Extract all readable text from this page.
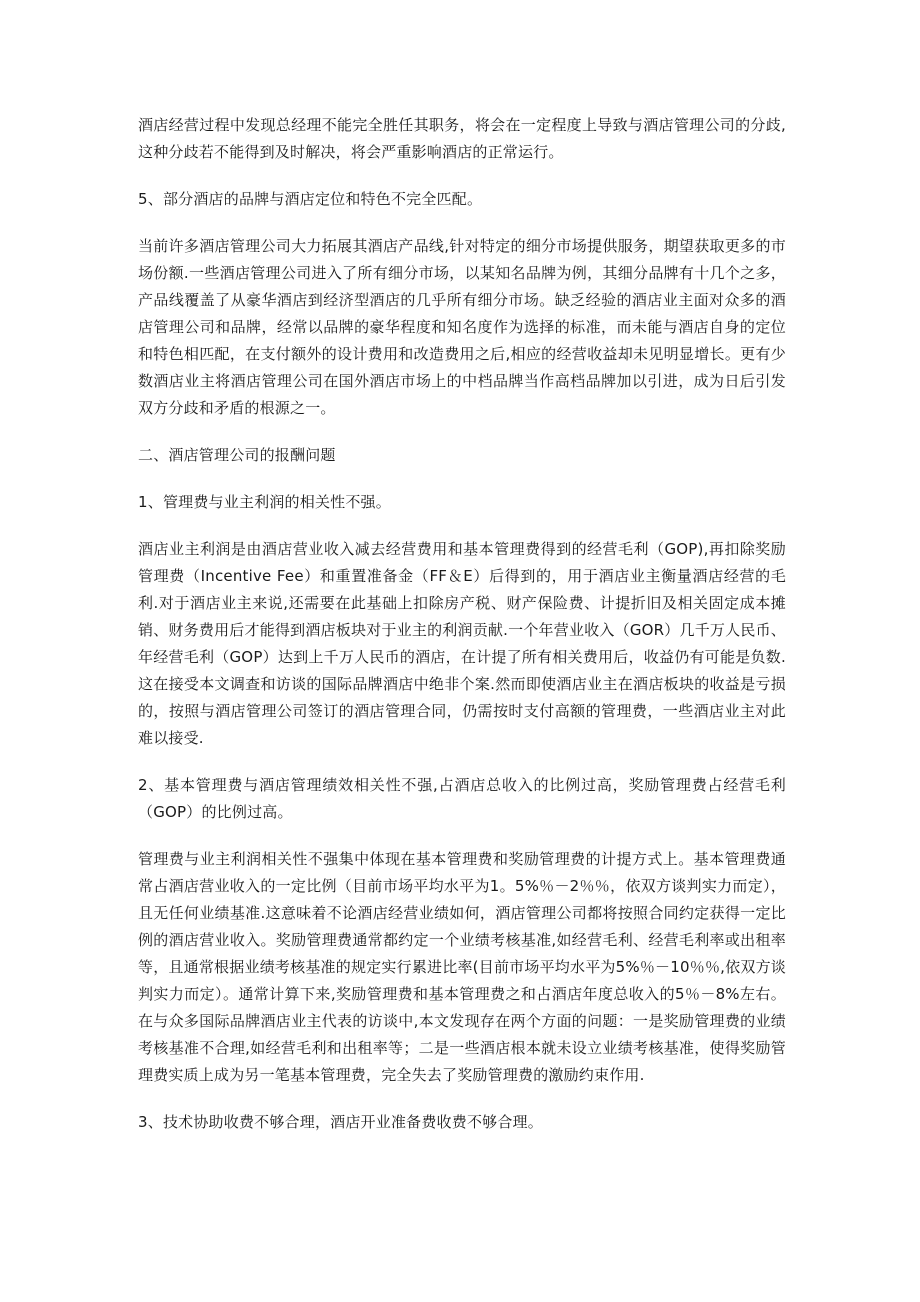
酒店经营过程中发现总经理不能完全胜任其职务，将会在一定程度上导致与酒店管理公司的分歧,这种分歧若不能得到及时解决，将会严重影响酒店的正常运行。

5、部分酒店的品牌与酒店定位和特色不完全匹配。

当前许多酒店管理公司大力拓展其酒店产品线,针对特定的细分市场提供服务，期望获取更多的市场份额.一些酒店管理公司进入了所有细分市场，以某知名品牌为例，其细分品牌有十几个之多，产品线覆盖了从豪华酒店到经济型酒店的几乎所有细分市场。缺乏经验的酒店业主面对众多的酒店管理公司和品牌，经常以品牌的豪华程度和知名度作为选择的标准，而未能与酒店自身的定位和特色相匹配，在支付额外的设计费用和改造费用之后,相应的经营收益却未见明显增长。更有少数酒店业主将酒店管理公司在国外酒店市场上的中档品牌当作高档品牌加以引进，成为日后引发双方分歧和矛盾的根源之一。

二、酒店管理公司的报酬问题

1、管理费与业主利润的相关性不强。

酒店业主利润是由酒店营业收入减去经营费用和基本管理费得到的经营毛利（GOP),再扣除奖励管理费（Incentive Fee）和重置准备金（FF＆E）后得到的，用于酒店业主衡量酒店经营的毛利.对于酒店业主来说,还需要在此基础上扣除房产税、财产保险费、计提折旧及相关固定成本摊销、财务费用后才能得到酒店板块对于业主的利润贡献.一个年营业收入（GOR）几千万人民币、年经营毛利（GOP）达到上千万人民币的酒店，在计提了所有相关费用后，收益仍有可能是负数.这在接受本文调查和访谈的国际品牌酒店中绝非个案.然而即使酒店业主在酒店板块的收益是亏损的，按照与酒店管理公司签订的酒店管理合同，仍需按时支付高额的管理费，一些酒店业主对此难以接受.

2、基本管理费与酒店管理绩效相关性不强,占酒店总收入的比例过高，奖励管理费占经营毛利（GOP）的比例过高。

管理费与业主利润相关性不强集中体现在基本管理费和奖励管理费的计提方式上。基本管理费通常占酒店营业收入的一定比例（目前市场平均水平为1。5%％－2％％，依双方谈判实力而定），且无任何业绩基准.这意味着不论酒店经营业绩如何，酒店管理公司都将按照合同约定获得一定比例的酒店营业收入。奖励管理费通常都约定一个业绩考核基准,如经营毛利、经营毛利率或出租率等，且通常根据业绩考核基准的规定实行累进比率(目前市场平均水平为5%％－10％％,依双方谈判实力而定）。通常计算下来,奖励管理费和基本管理费之和占酒店年度总收入的5％－8%左右。在与众多国际品牌酒店业主代表的访谈中,本文发现存在两个方面的问题：一是奖励管理费的业绩考核基准不合理,如经营毛利和出租率等；二是一些酒店根本就未设立业绩考核基准，使得奖励管理费实质上成为另一笔基本管理费，完全失去了奖励管理费的激励约束作用.

3、技术协助收费不够合理，酒店开业准备费收费不够合理。
